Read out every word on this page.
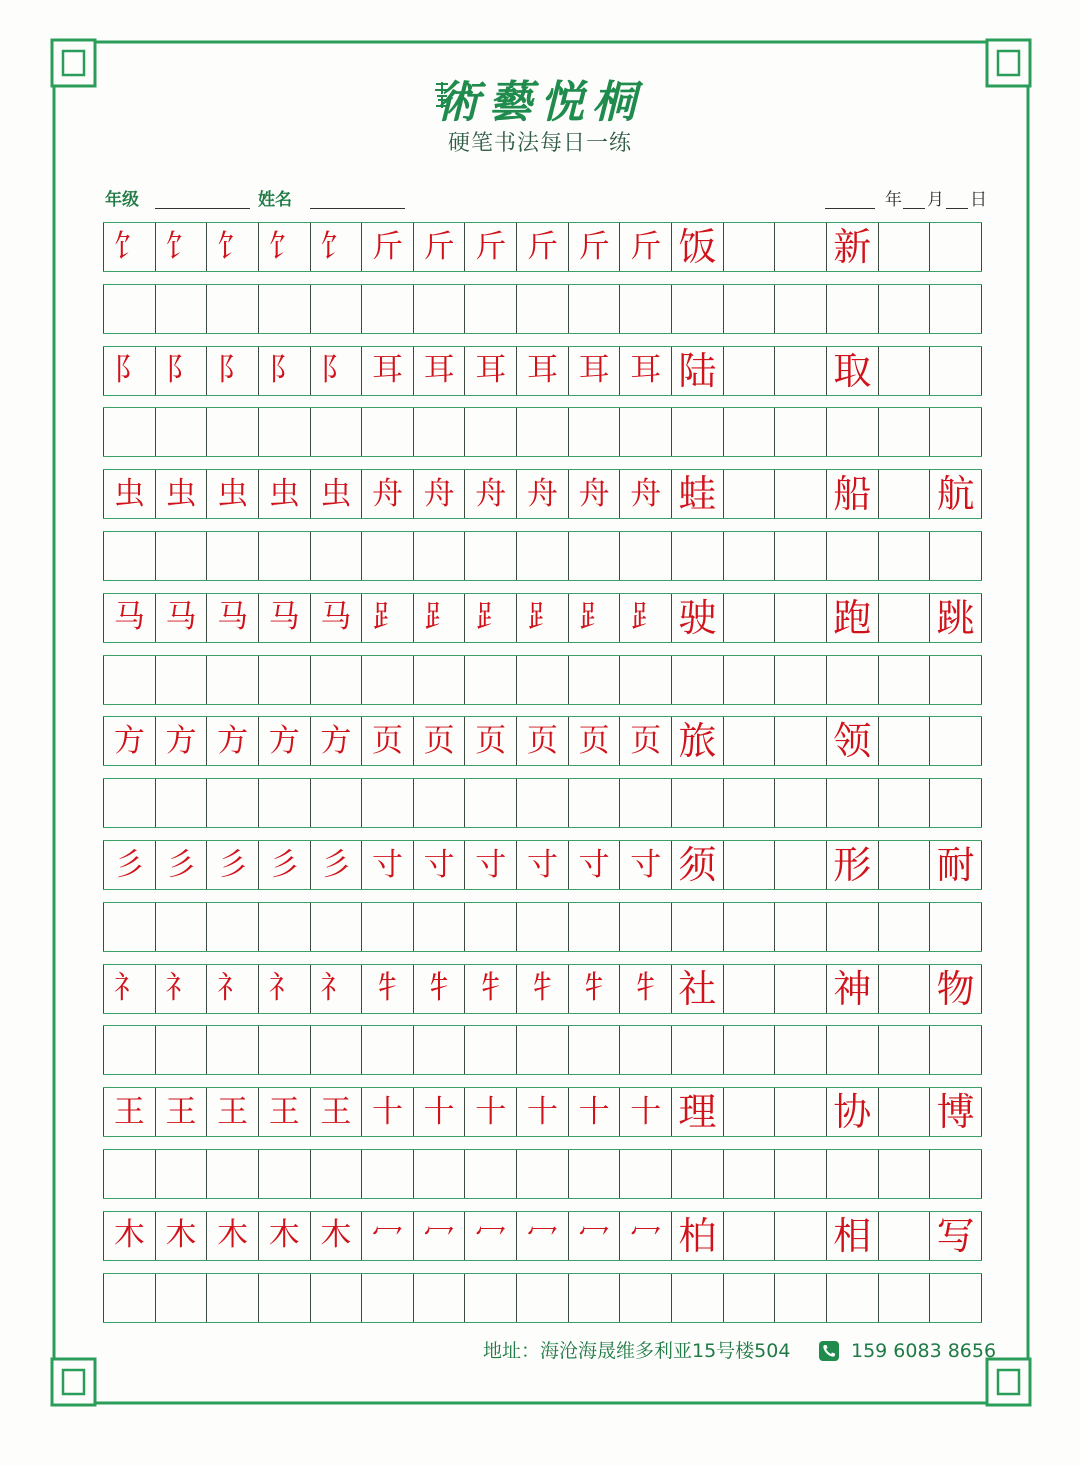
術藝悦桐
硬笔书法每日一练
年级	姓名	年 月 日
饣 饣 饣 饣 饣 斤 斤 斤 斤 斤 斤 饭	新
阝 阝 阝 阝 阝 耳 耳 耳 耳 耳 耳 陆	取
虫 虫 虫 虫 虫 舟 舟 舟 舟 舟 舟 蛙	船 航
马 马 马 马 马 ⻊ ⻊ ⻊ ⻊ ⻊ ⻊ 驶	跑 跳
方 方 方 方 方 页 页 页 页 页 页 旅	领
彡 彡 彡 彡 彡 寸 寸 寸 寸 寸 寸 须	形 耐
礻 礻 礻 礻 礻 牜 牜 牜 牜 牜 牜 社	神 物
王 王 王 王 王 十 十 十 十 十 十 理	协 博
木 木 木 木 木 冖 冖 冖 冖 冖 冖 柏	相 写
地址：海沧海晟维多利亚15号楼504	159 6083 8656
